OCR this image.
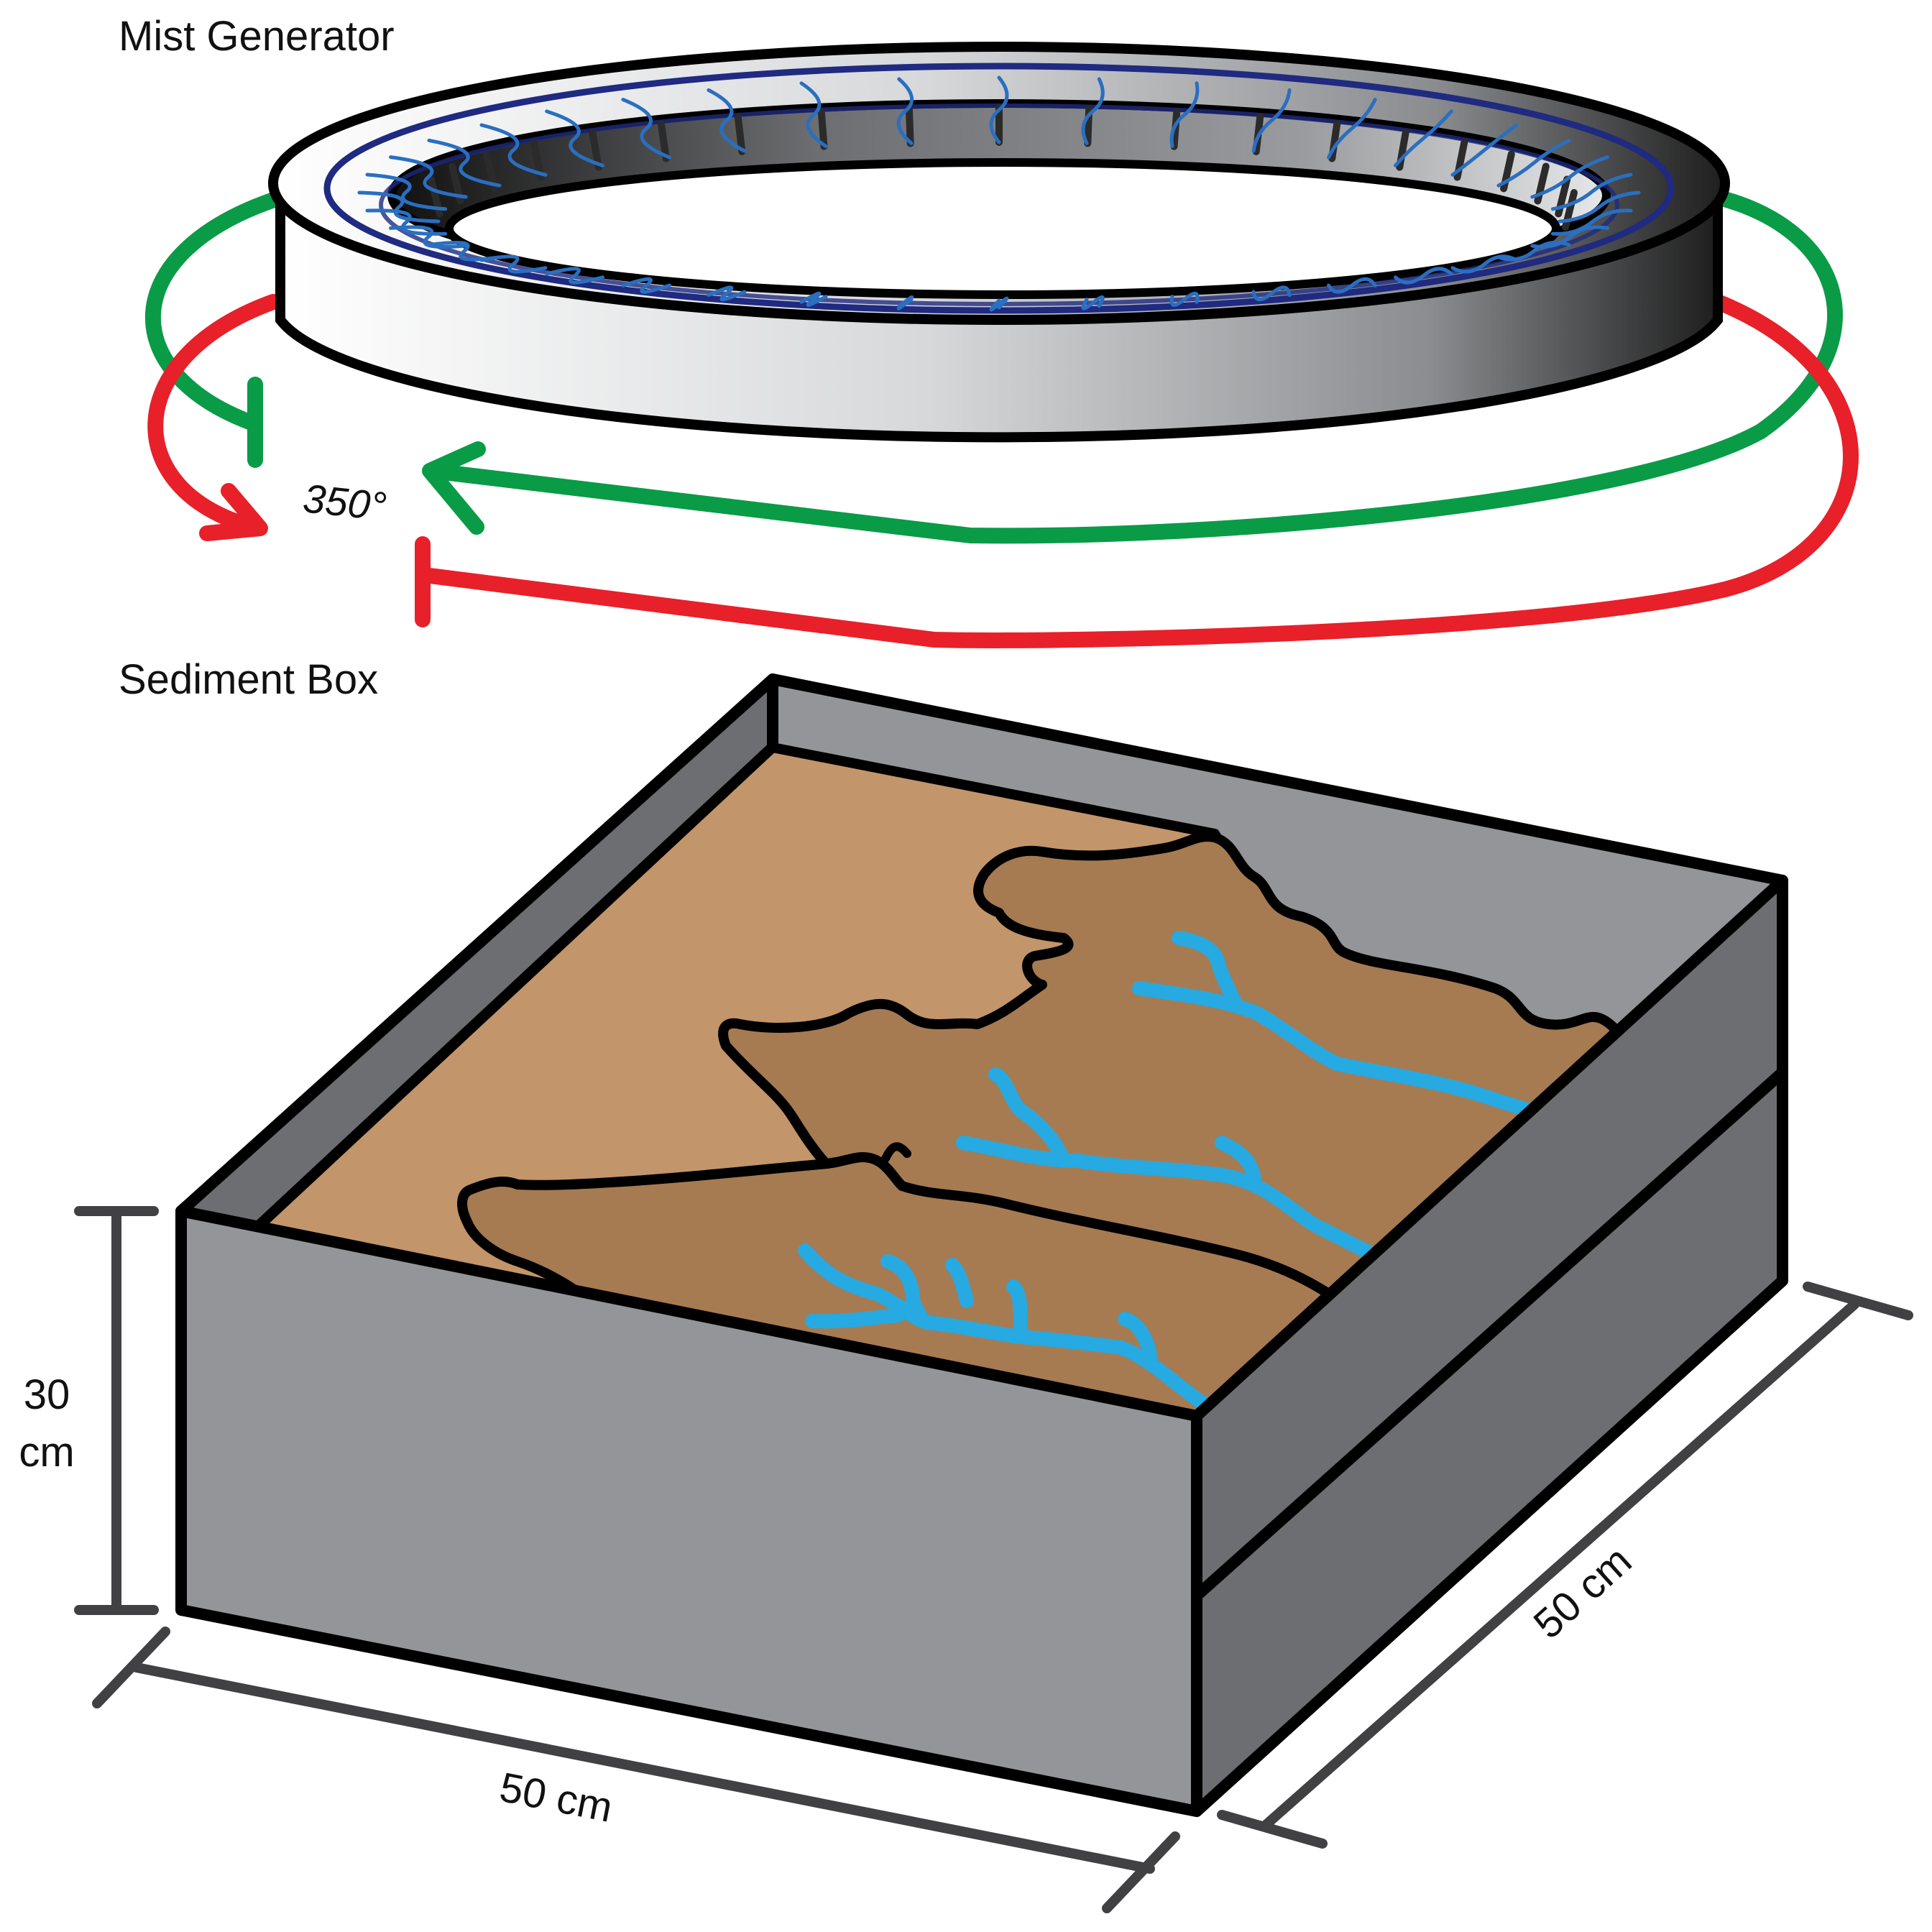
Mist Generator
350°
Sediment Box
30
cm
50 cm
50 cm
